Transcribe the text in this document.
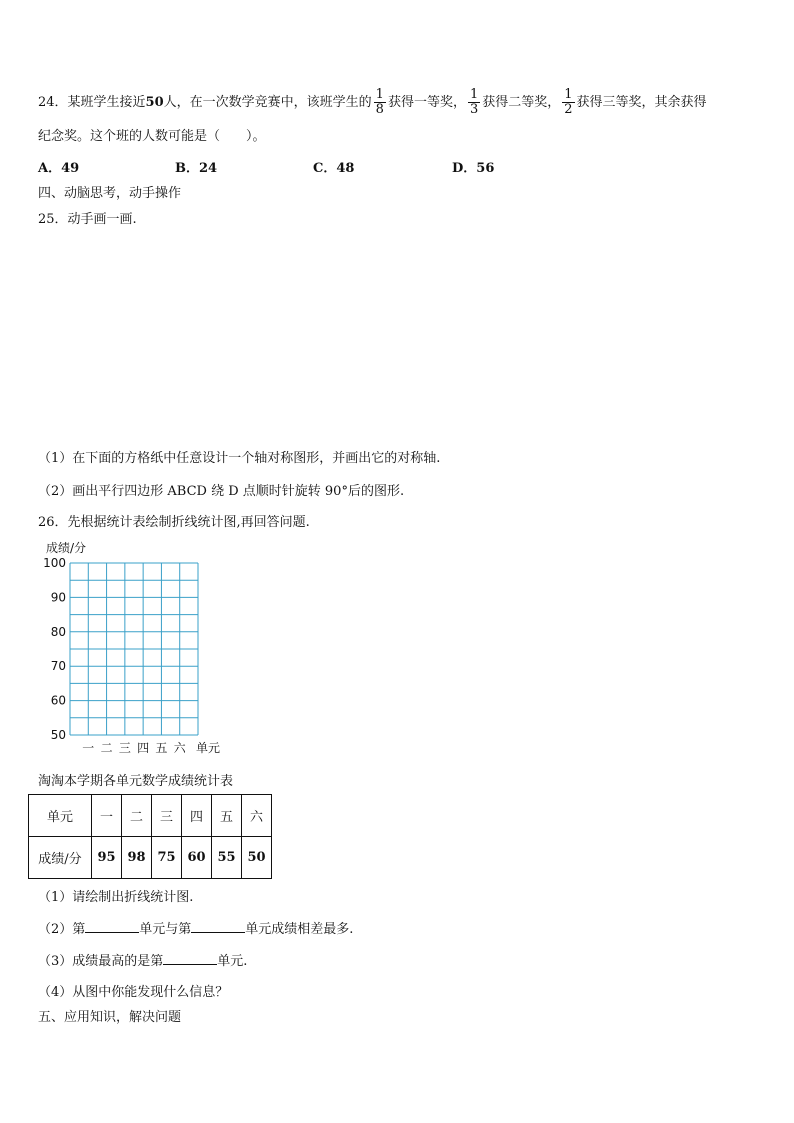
24．某班学生接近50人，在一次数学竞赛中，该班学生的 $\frac{1}{8}$ 获得一等奖， $\frac{1}{3}$ 获得二等奖， $\frac{1}{2}$ 获得三等奖，其余获得
纪念奖。这个班的人数可能是（　　）。
A．49	B．24	C．48	D．56
四、动脑思考，动手操作
25．动手画一画.
（1）在下面的方格纸中任意设计一个轴对称图形，并画出它的对称轴.
（2）画出平行四边形 ABCD 绕 D 点顺时针旋转 90°后的图形.
26．先根据统计表绘制折线统计图,再回答问题.
成绩/分
100
90
80
70
60
50
一 二 三 四 五 六 单元
淘淘本学期各单元数学成绩统计表
单元	一	二	三	四	五	六
成绩/分	95	98	75	60	55	50
（1）请绘制出折线统计图.
（2）第	单元与第	单元成绩相差最多.
（3）成绩最高的是第	单元.
（4）从图中你能发现什么信息？
五、应用知识，解决问题
